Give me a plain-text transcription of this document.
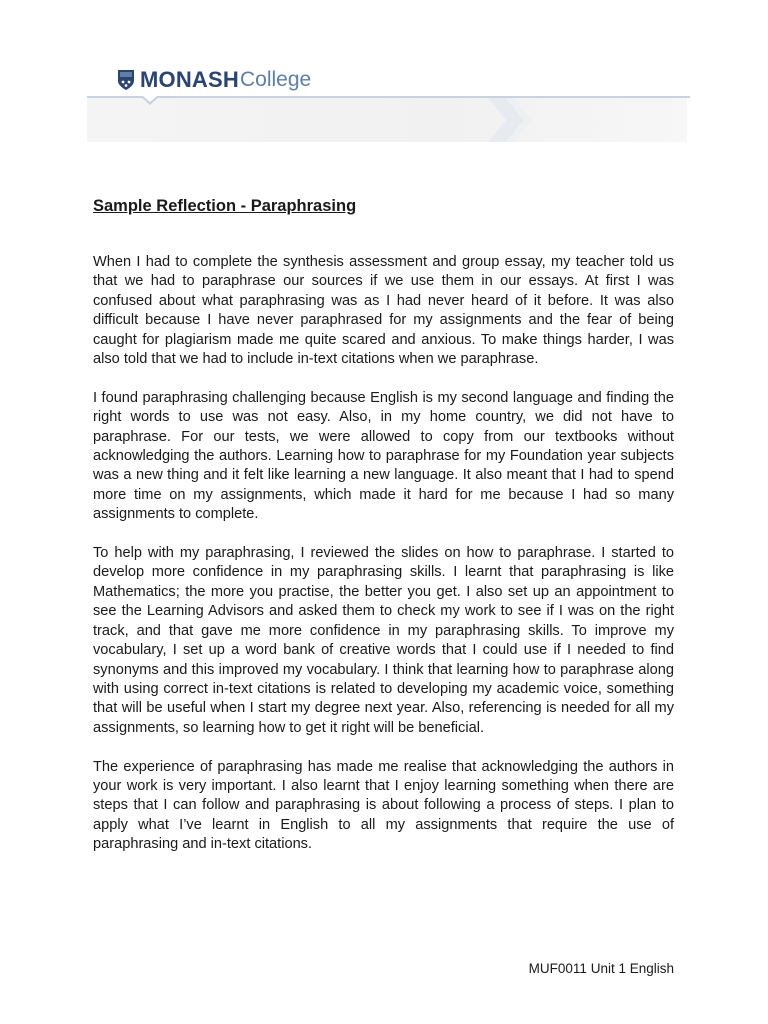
MONASH College
Sample Reflection - Paraphrasing

When I had to complete the synthesis assessment and group essay, my teacher told us that we had to paraphrase our sources if we use them in our essays. At first I was confused about what paraphrasing was as I had never heard of it before. It was also difficult because I have never paraphrased for my assignments and the fear of being caught for plagiarism made me quite scared and anxious. To make things harder, I was also told that we had to include in-text citations when we paraphrase.

I found paraphrasing challenging because English is my second language and finding the right words to use was not easy. Also, in my home country, we did not have to paraphrase. For our tests, we were allowed to copy from our textbooks without acknowledging the authors. Learning how to paraphrase for my Foundation year subjects was a new thing and it felt like learning a new language. It also meant that I had to spend more time on my assignments, which made it hard for me because I had so many assignments to complete.

To help with my paraphrasing, I reviewed the slides on how to paraphrase. I started to develop more confidence in my paraphrasing skills. I learnt that paraphrasing is like Mathematics; the more you practise, the better you get. I also set up an appointment to see the Learning Advisors and asked them to check my work to see if I was on the right track, and that gave me more confidence in my paraphrasing skills. To improve my vocabulary, I set up a word bank of creative words that I could use if I needed to find synonyms and this improved my vocabulary. I think that learning how to paraphrase along with using correct in-text citations is related to developing my academic voice, something that will be useful when I start my degree next year. Also, referencing is needed for all my assignments, so learning how to get it right will be beneficial.

The experience of paraphrasing has made me realise that acknowledging the authors in your work is very important. I also learnt that I enjoy learning something when there are steps that I can follow and paraphrasing is about following a process of steps. I plan to apply what I’ve learnt in English to all my assignments that require the use of paraphrasing and in-text citations.

MUF0011 Unit 1 English
